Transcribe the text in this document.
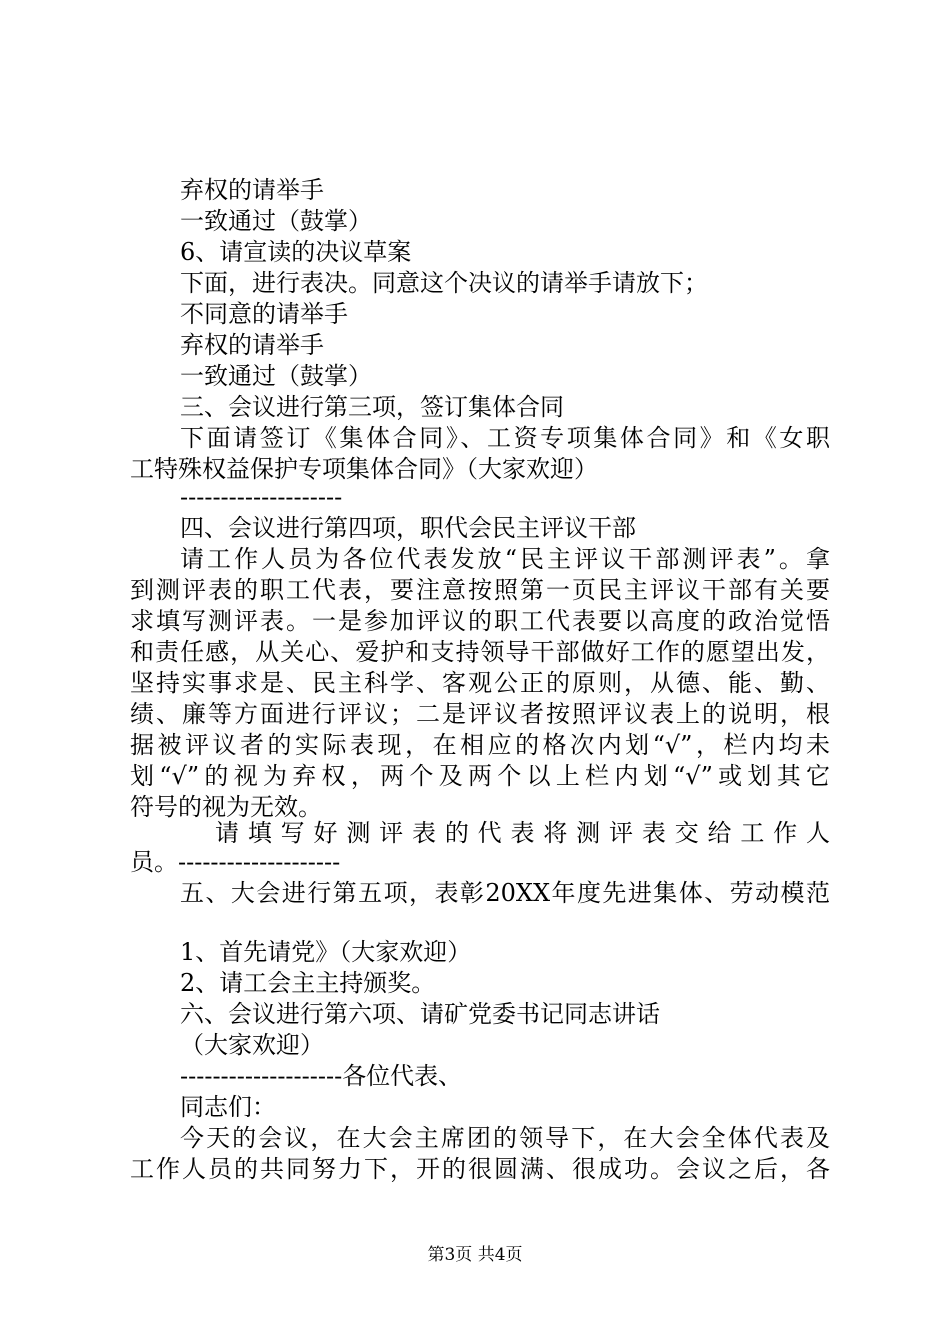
弃权的请举手
一致通过（鼓掌）
6、请宣读的决议草案
下面，进行表决。同意这个决议的请举手请放下；
不同意的请举手
弃权的请举手
一致通过（鼓掌）
三、会议进行第三项，签订集体合同
下面请签订《集体合同》、工资专项集体合同》和《女职
工特殊权益保护专项集体合同》（大家欢迎）
--------------------
四、会议进行第四项，职代会民主评议干部
请工作人员为各位代表发放“民主评议干部测评表”。拿
到测评表的职工代表，要注意按照第一页民主评议干部有关要
求填写测评表。一是参加评议的职工代表要以高度的政治觉悟
和责任感，从关心、爱护和支持领导干部做好工作的愿望出发，
坚持实事求是、民主科学、客观公正的原则，从德、能、勤、
绩、廉等方面进行评议；二是评议者按照评议表上的说明，根
据被评议者的实际表现，在相应的格次内划“√”，栏内均未
划“√”的视为弃权，两个及两个以上栏内划“√”或划其它
符号的视为无效。
请填写好测评表的代表将测评表交给工作人
员。--------------------
五、大会进行第五项，表彰20XX年度先进集体、劳动模范
1、首先请党》（大家欢迎）
2、请工会主主持颁奖。
六、会议进行第六项、请矿党委书记同志讲话
（大家欢迎）
--------------------各位代表、
同志们：
今天的会议，在大会主席团的领导下，在大会全体代表及
工作人员的共同努力下，开的很圆满、很成功。会议之后，各
第3页 共4页
